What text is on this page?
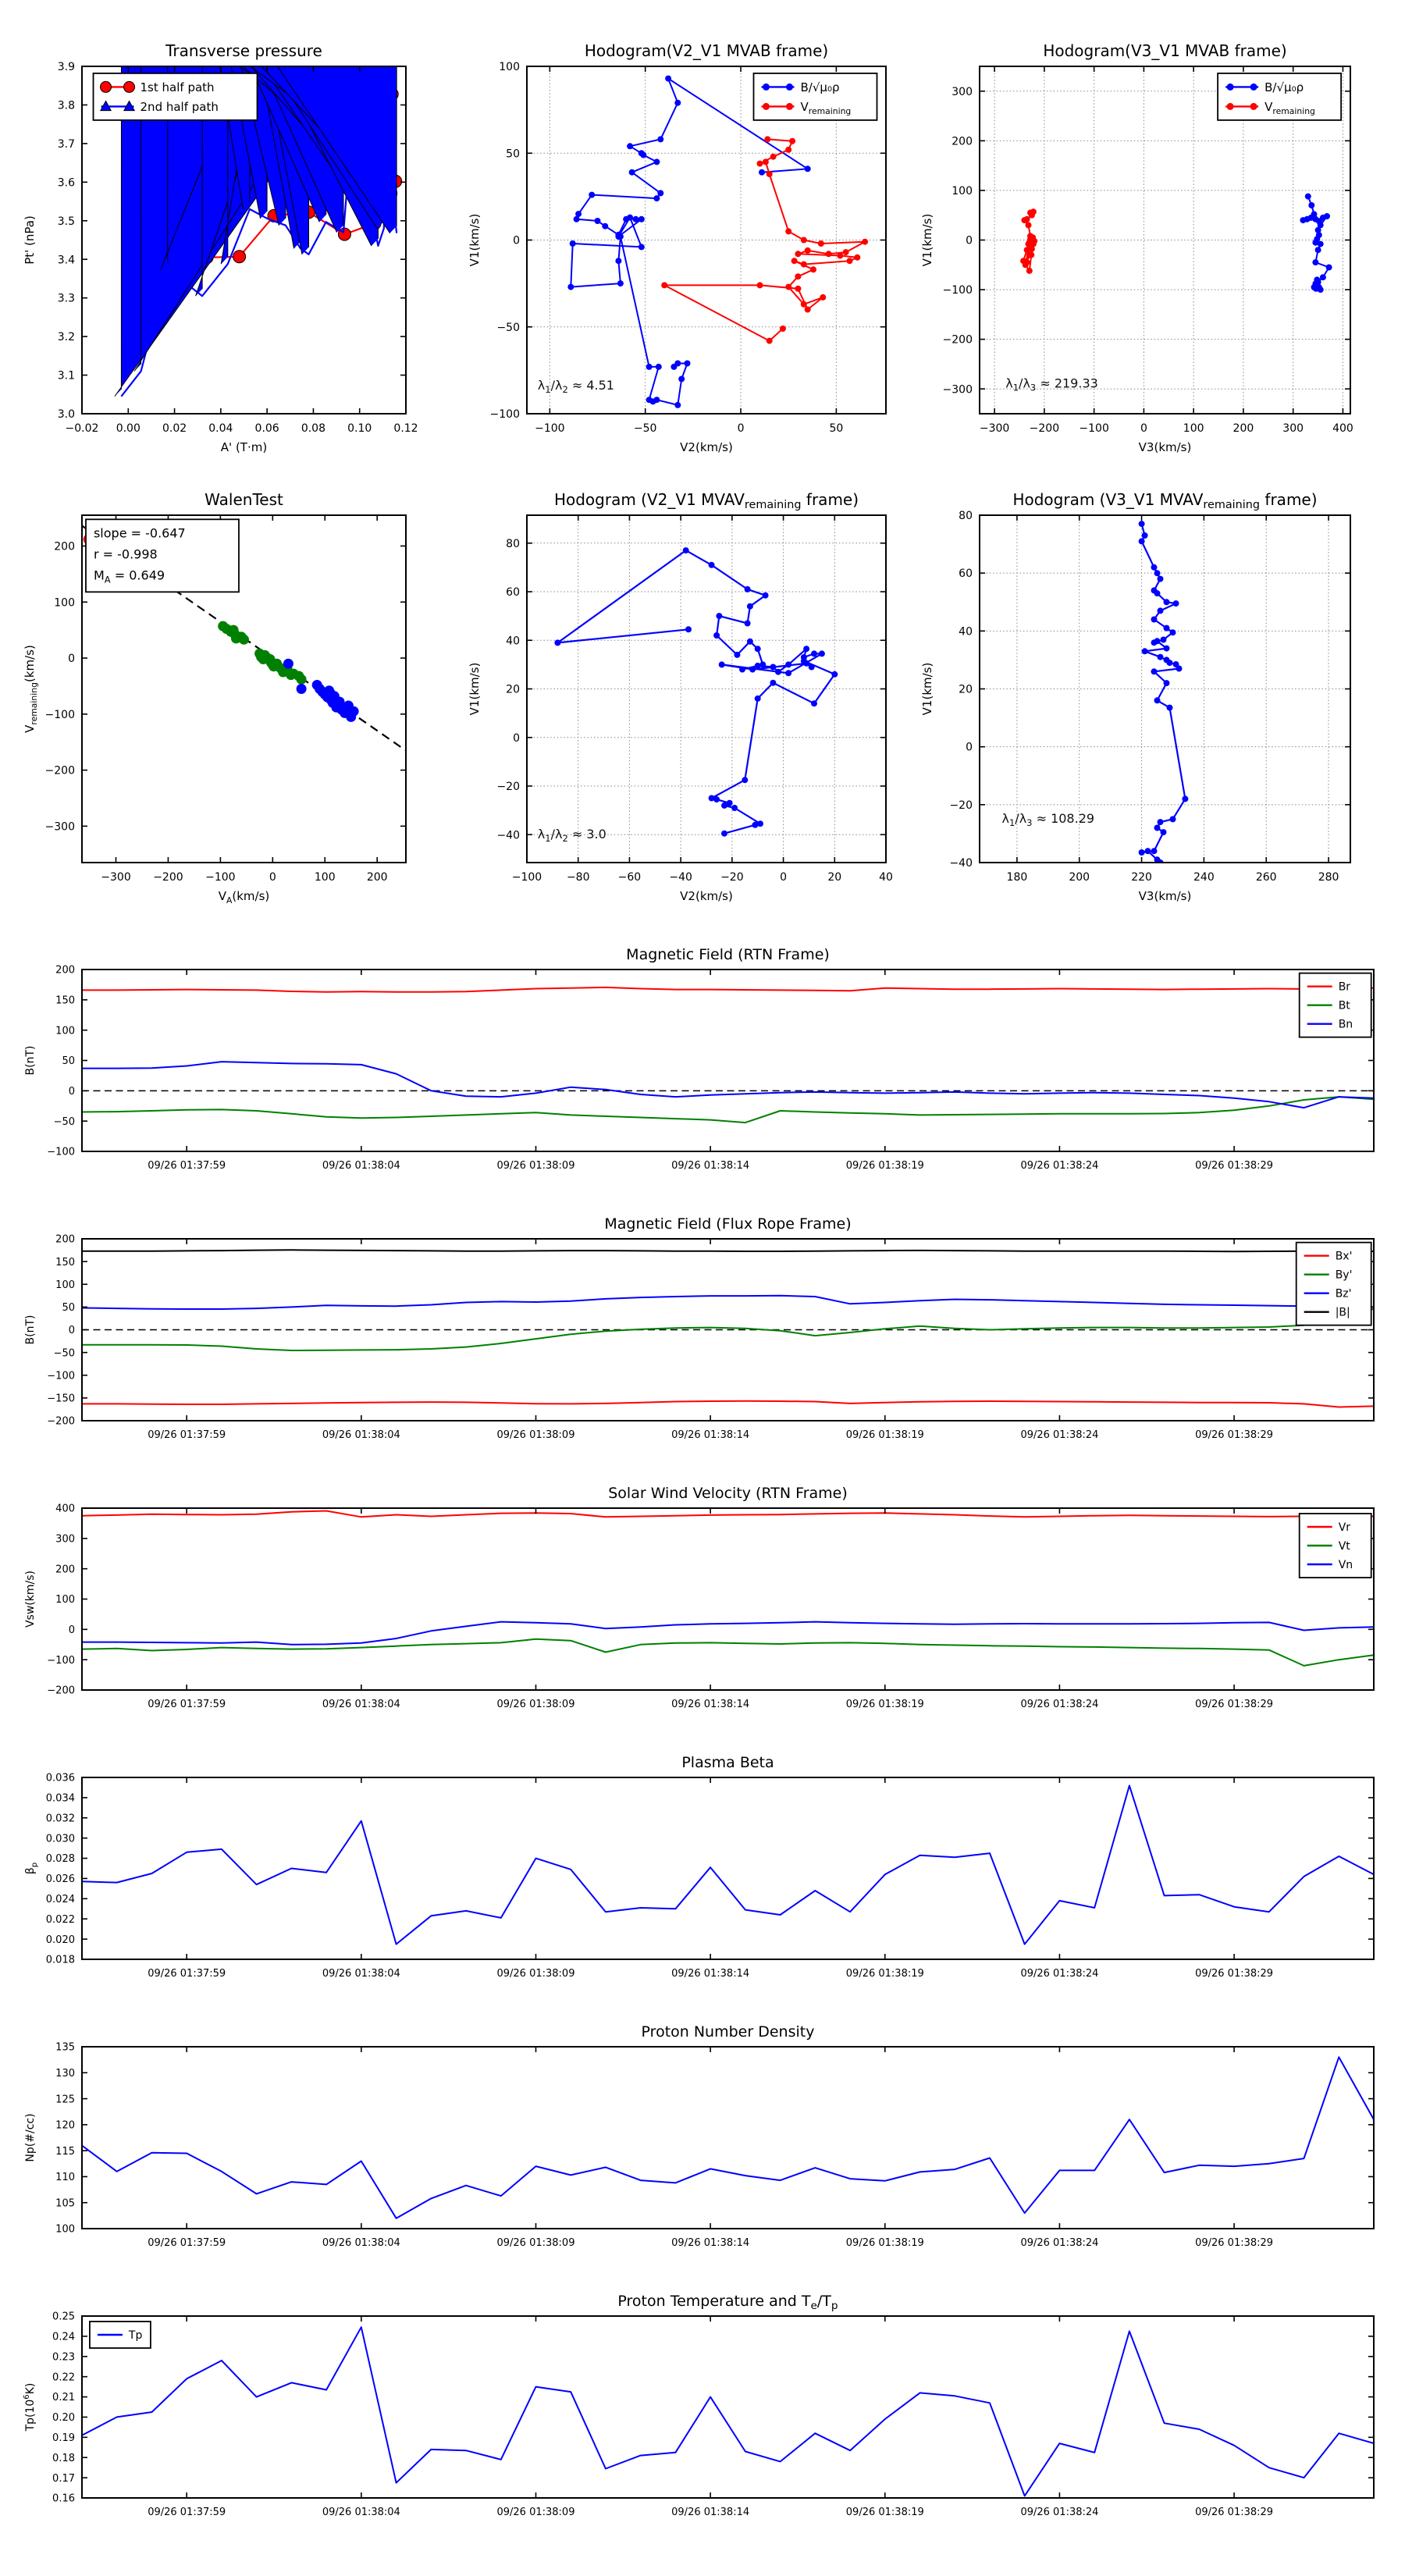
−0.02 0.00 0.02 0.04 0.06 0.08 0.10 0.12
3.0
3.1
3.2
3.3
3.4
3.5
3.6
3.7
3.8
3.9
Transverse pressure
A' (T·m)
Pt' (nPa)
1st half path
2nd half path
−100	−50	0	50
−100
−50
0
50
100
Hodogram(V2_V1 MVAB frame)
V2(km/s)
V1(km/s)
$\lambda_1/\lambda_2 \approx 4.51$
B/√μ₀ρ
$V_{remaining}$
−300 −200 −100	0	100	200	300	400
−300
−200
−100
0
100
200
300
Hodogram(V3_V1 MVAB frame)
V3(km/s)
V1(km/s)
$\lambda_1/\lambda_3 \approx 219.33$
B/√μ₀ρ
$V_{remaining}$
−300 −200 −100	0	100	200
−300
−200
−100
0
100
200
WalenTest
$V_A(km/s)$
$V_{remaining}(km/s)$
slope = -0.647
r = -0.998
$M_A = 0.649$
−100 −80	−60	−40	−20	0	20	40
−40
−20
0
20
40
60
80
Hodogram (V2_V1 $MVAV_{remaining}$ frame)
V2(km/s)
V1(km/s)
$\lambda_1/\lambda_2 \approx 3.0$
180	200	220	240	260	280
−40
−20
0
20
40
60
80
Hodogram (V3_V1 $MVAV_{remaining}$ frame)
V3(km/s)
V1(km/s)
$\lambda_1/\lambda_3 \approx 108.29$
09/26 01:37:59	09/26 01:38:04	09/26 01:38:09	09/26 01:38:14	09/26 01:38:19	09/26 01:38:24	09/26 01:38:29
−100
−50
0
50
100
150
200
Magnetic Field (RTN Frame)
B(nT)
Br
Bt
Bn
09/26 01:37:59	09/26 01:38:04	09/26 01:38:09	09/26 01:38:14	09/26 01:38:19	09/26 01:38:24	09/26 01:38:29
−200
−150
−100
−50
0
50
100
150
200
Magnetic Field (Flux Rope Frame)
B(nT)
Bx'
By'
Bz'
|B|
09/26 01:37:59	09/26 01:38:04	09/26 01:38:09	09/26 01:38:14	09/26 01:38:19	09/26 01:38:24	09/26 01:38:29
−200
−100
0
100
200
300
400
Solar Wind Velocity (RTN Frame)
Vsw(km/s)
Vr
Vt
Vn
09/26 01:37:59	09/26 01:38:04	09/26 01:38:09	09/26 01:38:14	09/26 01:38:19	09/26 01:38:24	09/26 01:38:29
0.018
0.020
0.022
0.024
0.026
0.028
0.030
0.032
0.034
0.036
Plasma Beta
$\beta_p$
09/26 01:37:59	09/26 01:38:04	09/26 01:38:09	09/26 01:38:14	09/26 01:38:19	09/26 01:38:24	09/26 01:38:29
100
105
110
115
120
125
130
135
Proton Number Density
Np(#/cc)
09/26 01:37:59	09/26 01:38:04	09/26 01:38:09	09/26 01:38:14	09/26 01:38:19	09/26 01:38:24	09/26 01:38:29
0.16
0.17
0.18
0.19
0.20
0.21
0.22
0.23
0.24
0.25
Proton Temperature and $T_e/T_p$
$Tp(10^6K)$
Tp
